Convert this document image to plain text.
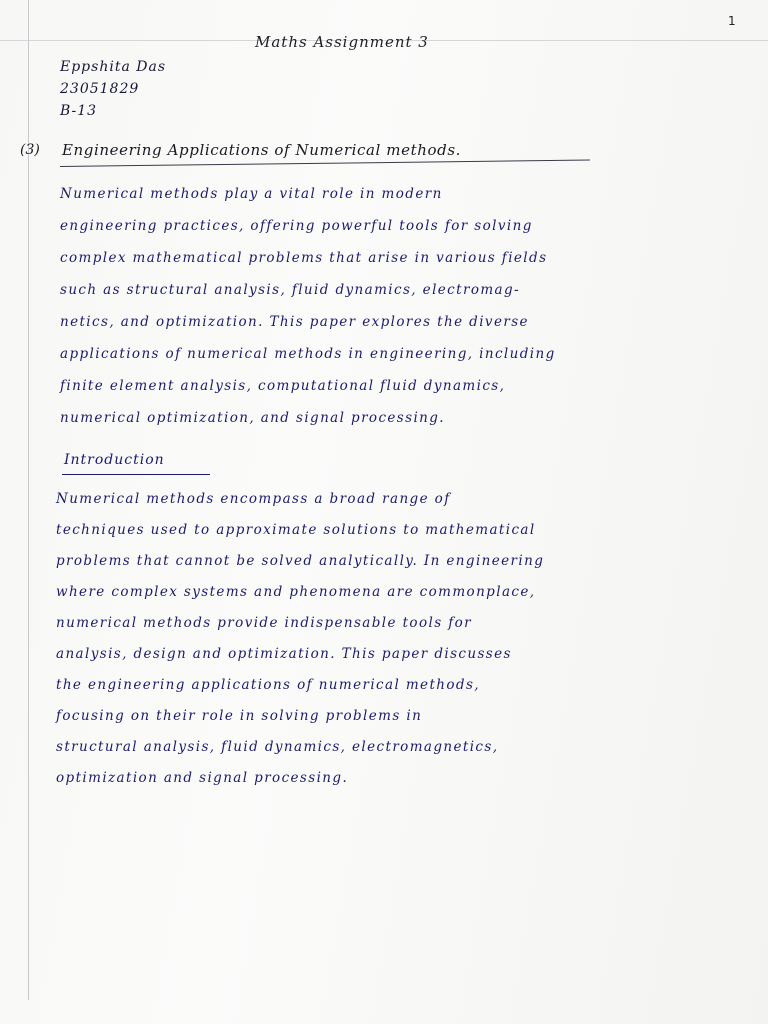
1
Maths Assignment 3
Eppshita Das
23051829
B-13
(3) Engineering Applications of Numerical methods.
Numerical methods play a vital role in modern
engineering practices, offering powerful tools for solving
complex mathematical problems that arise in various fields
such as structural analysis, fluid dynamics, electromag-
netics, and optimization. This paper explores the diverse
applications of numerical methods in engineering, including
finite element analysis, computational fluid dynamics,
numerical optimization, and signal processing.
Introduction
Numerical methods encompass a broad range of
techniques used to approximate solutions to mathematical
problems that cannot be solved analytically. In engineering
where complex systems and phenomena are commonplace,
numerical methods provide indispensable tools for
analysis, design and optimization. This paper discusses
the engineering applications of numerical methods,
focusing on their role in solving problems in
structural analysis, fluid dynamics, electromagnetics,
optimization and signal processing.
